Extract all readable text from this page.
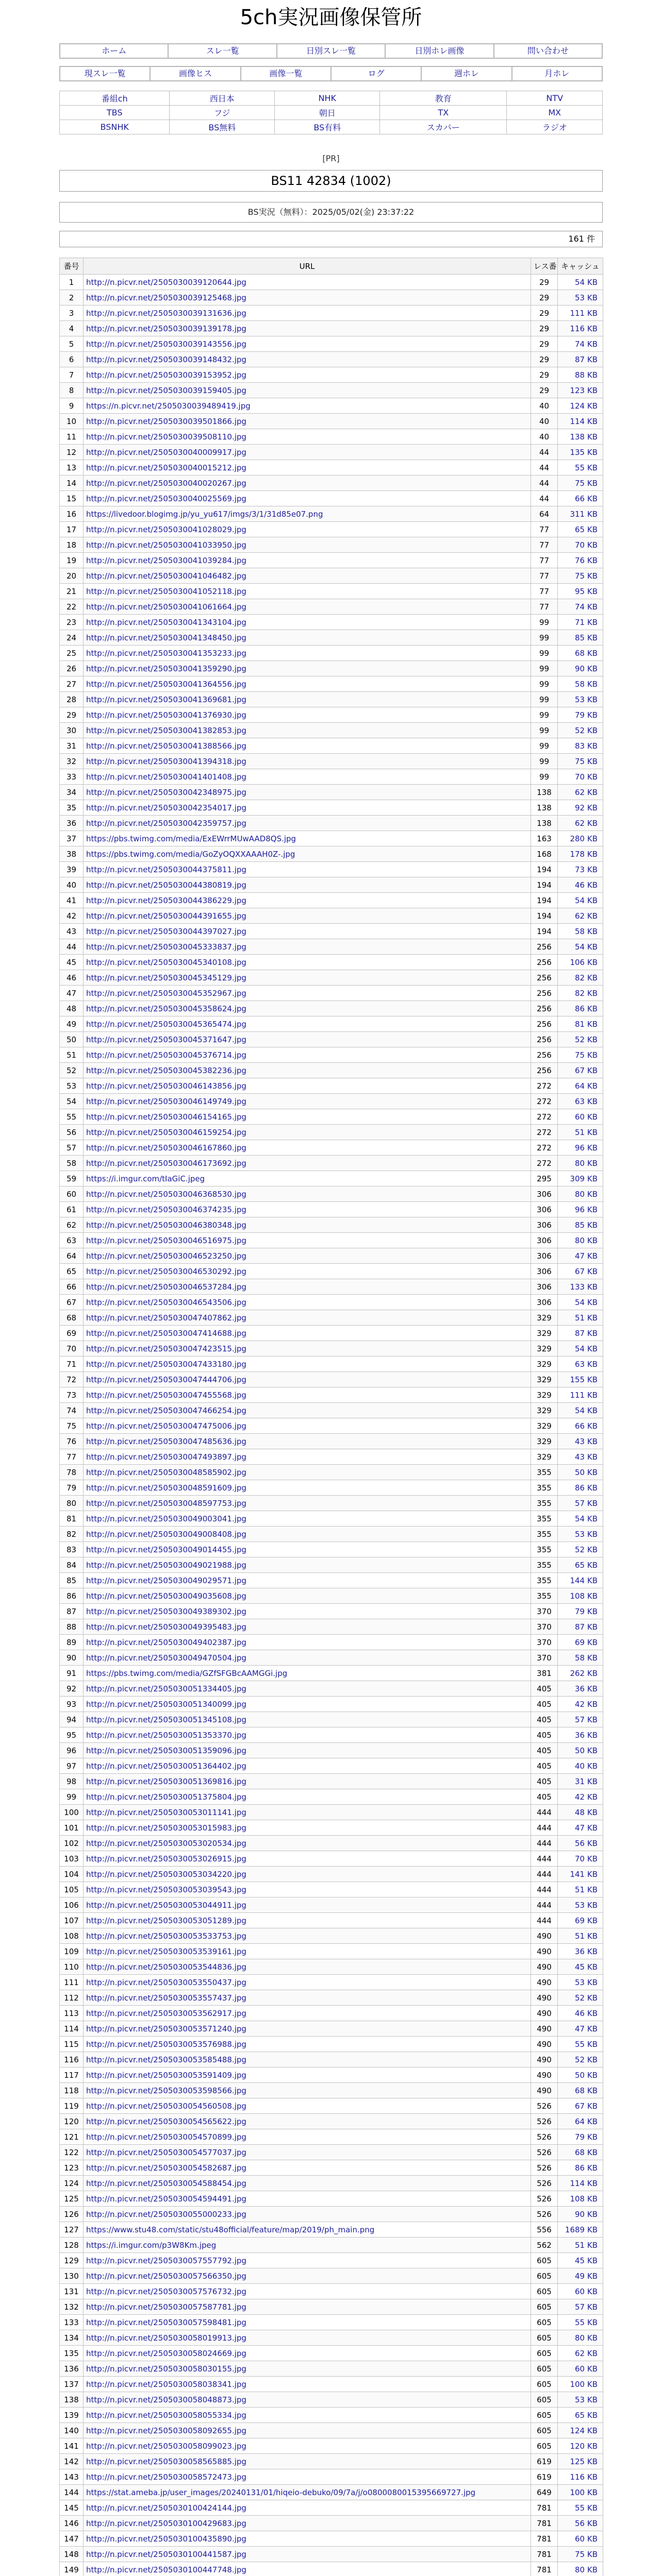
5ch実況画像保管所
ホーム	スレ一覧	日別スレ一覧	日別ホレ画像	問い合わせ
現スレ一覧	画像ヒス	画像一覧	ログ	週ホレ	月ホレ
番組ch	西日本	NHK	教育	NTV
TBS	フジ	朝日	TX	MX
BSNHK	BS無料	BS有料	スカパー	ラジオ
[PR]
BS11 42834 (1002)
BS実況（無料）：2025/05/02(金) 23:37:22
161 件
番号	URL	レス番	キャッシュ
1	http://n.picvr.net/2505030039120644.jpg	29	54 KB
2	http://n.picvr.net/2505030039125468.jpg	29	53 KB
3	http://n.picvr.net/2505030039131636.jpg	29	111 KB
4	http://n.picvr.net/2505030039139178.jpg	29	116 KB
5	http://n.picvr.net/2505030039143556.jpg	29	74 KB
6	http://n.picvr.net/2505030039148432.jpg	29	87 KB
7	http://n.picvr.net/2505030039153952.jpg	29	88 KB
8	http://n.picvr.net/2505030039159405.jpg	29	123 KB
9	https://n.picvr.net/2505030039489419.jpg	40	124 KB
10	http://n.picvr.net/2505030039501866.jpg	40	114 KB
11	http://n.picvr.net/2505030039508110.jpg	40	138 KB
12	http://n.picvr.net/2505030040009917.jpg	44	135 KB
13	http://n.picvr.net/2505030040015212.jpg	44	55 KB
14	http://n.picvr.net/2505030040020267.jpg	44	75 KB
15	http://n.picvr.net/2505030040025569.jpg	44	66 KB
16	https://livedoor.blogimg.jp/yu_yu617/imgs/3/1/31d85e07.png	64	311 KB
17	http://n.picvr.net/2505030041028029.jpg	77	65 KB
18	http://n.picvr.net/2505030041033950.jpg	77	70 KB
19	http://n.picvr.net/2505030041039284.jpg	77	76 KB
20	http://n.picvr.net/2505030041046482.jpg	77	75 KB
21	http://n.picvr.net/2505030041052118.jpg	77	95 KB
22	http://n.picvr.net/2505030041061664.jpg	77	74 KB
23	http://n.picvr.net/2505030041343104.jpg	99	71 KB
24	http://n.picvr.net/2505030041348450.jpg	99	85 KB
25	http://n.picvr.net/2505030041353233.jpg	99	68 KB
26	http://n.picvr.net/2505030041359290.jpg	99	90 KB
27	http://n.picvr.net/2505030041364556.jpg	99	58 KB
28	http://n.picvr.net/2505030041369681.jpg	99	53 KB
29	http://n.picvr.net/2505030041376930.jpg	99	79 KB
30	http://n.picvr.net/2505030041382853.jpg	99	52 KB
31	http://n.picvr.net/2505030041388566.jpg	99	83 KB
32	http://n.picvr.net/2505030041394318.jpg	99	75 KB
33	http://n.picvr.net/2505030041401408.jpg	99	70 KB
34	http://n.picvr.net/2505030042348975.jpg	138	62 KB
35	http://n.picvr.net/2505030042354017.jpg	138	92 KB
36	http://n.picvr.net/2505030042359757.jpg	138	62 KB
37	https://pbs.twimg.com/media/ExEWrrMUwAAD8QS.jpg	163	280 KB
38	https://pbs.twimg.com/media/GoZyOQXXAAAH0Z-.jpg	168	178 KB
39	http://n.picvr.net/2505030044375811.jpg	194	73 KB
40	http://n.picvr.net/2505030044380819.jpg	194	46 KB
41	http://n.picvr.net/2505030044386229.jpg	194	54 KB
42	http://n.picvr.net/2505030044391655.jpg	194	62 KB
43	http://n.picvr.net/2505030044397027.jpg	194	58 KB
44	http://n.picvr.net/2505030045333837.jpg	256	54 KB
45	http://n.picvr.net/2505030045340108.jpg	256	106 KB
46	http://n.picvr.net/2505030045345129.jpg	256	82 KB
47	http://n.picvr.net/2505030045352967.jpg	256	82 KB
48	http://n.picvr.net/2505030045358624.jpg	256	86 KB
49	http://n.picvr.net/2505030045365474.jpg	256	81 KB
50	http://n.picvr.net/2505030045371647.jpg	256	52 KB
51	http://n.picvr.net/2505030045376714.jpg	256	75 KB
52	http://n.picvr.net/2505030045382236.jpg	256	67 KB
53	http://n.picvr.net/2505030046143856.jpg	272	64 KB
54	http://n.picvr.net/2505030046149749.jpg	272	63 KB
55	http://n.picvr.net/2505030046154165.jpg	272	60 KB
56	http://n.picvr.net/2505030046159254.jpg	272	51 KB
57	http://n.picvr.net/2505030046167860.jpg	272	96 KB
58	http://n.picvr.net/2505030046173692.jpg	272	80 KB
59	https://i.imgur.com/tIaGiC.jpeg	295	309 KB
60	http://n.picvr.net/2505030046368530.jpg	306	80 KB
61	http://n.picvr.net/2505030046374235.jpg	306	96 KB
62	http://n.picvr.net/2505030046380348.jpg	306	85 KB
63	http://n.picvr.net/2505030046516975.jpg	306	80 KB
64	http://n.picvr.net/2505030046523250.jpg	306	47 KB
65	http://n.picvr.net/2505030046530292.jpg	306	67 KB
66	http://n.picvr.net/2505030046537284.jpg	306	133 KB
67	http://n.picvr.net/2505030046543506.jpg	306	54 KB
68	http://n.picvr.net/2505030047407862.jpg	329	51 KB
69	http://n.picvr.net/2505030047414688.jpg	329	87 KB
70	http://n.picvr.net/2505030047423515.jpg	329	54 KB
71	http://n.picvr.net/2505030047433180.jpg	329	63 KB
72	http://n.picvr.net/2505030047444706.jpg	329	155 KB
73	http://n.picvr.net/2505030047455568.jpg	329	111 KB
74	http://n.picvr.net/2505030047466254.jpg	329	54 KB
75	http://n.picvr.net/2505030047475006.jpg	329	66 KB
76	http://n.picvr.net/2505030047485636.jpg	329	43 KB
77	http://n.picvr.net/2505030047493897.jpg	329	43 KB
78	http://n.picvr.net/2505030048585902.jpg	355	50 KB
79	http://n.picvr.net/2505030048591609.jpg	355	86 KB
80	http://n.picvr.net/2505030048597753.jpg	355	57 KB
81	http://n.picvr.net/2505030049003041.jpg	355	54 KB
82	http://n.picvr.net/2505030049008408.jpg	355	53 KB
83	http://n.picvr.net/2505030049014455.jpg	355	52 KB
84	http://n.picvr.net/2505030049021988.jpg	355	65 KB
85	http://n.picvr.net/2505030049029571.jpg	355	144 KB
86	http://n.picvr.net/2505030049035608.jpg	355	108 KB
87	http://n.picvr.net/2505030049389302.jpg	370	79 KB
88	http://n.picvr.net/2505030049395483.jpg	370	87 KB
89	http://n.picvr.net/2505030049402387.jpg	370	69 KB
90	http://n.picvr.net/2505030049470504.jpg	370	58 KB
91	https://pbs.twimg.com/media/GZfSFGBcAAMGGi.jpg	381	262 KB
92	http://n.picvr.net/2505030051334405.jpg	405	36 KB
93	http://n.picvr.net/2505030051340099.jpg	405	42 KB
94	http://n.picvr.net/2505030051345108.jpg	405	57 KB
95	http://n.picvr.net/2505030051353370.jpg	405	36 KB
96	http://n.picvr.net/2505030051359096.jpg	405	50 KB
97	http://n.picvr.net/2505030051364402.jpg	405	40 KB
98	http://n.picvr.net/2505030051369816.jpg	405	31 KB
99	http://n.picvr.net/2505030051375804.jpg	405	42 KB
100	http://n.picvr.net/2505030053011141.jpg	444	48 KB
101	http://n.picvr.net/2505030053015983.jpg	444	47 KB
102	http://n.picvr.net/2505030053020534.jpg	444	56 KB
103	http://n.picvr.net/2505030053026915.jpg	444	70 KB
104	http://n.picvr.net/2505030053034220.jpg	444	141 KB
105	http://n.picvr.net/2505030053039543.jpg	444	51 KB
106	http://n.picvr.net/2505030053044911.jpg	444	53 KB
107	http://n.picvr.net/2505030053051289.jpg	444	69 KB
108	http://n.picvr.net/2505030053533753.jpg	490	51 KB
109	http://n.picvr.net/2505030053539161.jpg	490	36 KB
110	http://n.picvr.net/2505030053544836.jpg	490	45 KB
111	http://n.picvr.net/2505030053550437.jpg	490	53 KB
112	http://n.picvr.net/2505030053557437.jpg	490	52 KB
113	http://n.picvr.net/2505030053562917.jpg	490	46 KB
114	http://n.picvr.net/2505030053571240.jpg	490	47 KB
115	http://n.picvr.net/2505030053576988.jpg	490	55 KB
116	http://n.picvr.net/2505030053585488.jpg	490	52 KB
117	http://n.picvr.net/2505030053591409.jpg	490	50 KB
118	http://n.picvr.net/2505030053598566.jpg	490	68 KB
119	http://n.picvr.net/2505030054560508.jpg	526	67 KB
120	http://n.picvr.net/2505030054565622.jpg	526	64 KB
121	http://n.picvr.net/2505030054570899.jpg	526	79 KB
122	http://n.picvr.net/2505030054577037.jpg	526	68 KB
123	http://n.picvr.net/2505030054582687.jpg	526	86 KB
124	http://n.picvr.net/2505030054588454.jpg	526	114 KB
125	http://n.picvr.net/2505030054594491.jpg	526	108 KB
126	http://n.picvr.net/2505030055000233.jpg	526	90 KB
127	https://www.stu48.com/static/stu48official/feature/map/2019/ph_main.png	556	1689 KB
128	https://i.imgur.com/p3W8Km.jpeg	562	51 KB
129	http://n.picvr.net/2505030057557792.jpg	605	45 KB
130	http://n.picvr.net/2505030057566350.jpg	605	49 KB
131	http://n.picvr.net/2505030057576732.jpg	605	60 KB
132	http://n.picvr.net/2505030057587781.jpg	605	57 KB
133	http://n.picvr.net/2505030057598481.jpg	605	55 KB
134	http://n.picvr.net/2505030058019913.jpg	605	80 KB
135	http://n.picvr.net/2505030058024669.jpg	605	62 KB
136	http://n.picvr.net/2505030058030155.jpg	605	60 KB
137	http://n.picvr.net/2505030058038341.jpg	605	100 KB
138	http://n.picvr.net/2505030058048873.jpg	605	53 KB
139	http://n.picvr.net/2505030058055334.jpg	605	65 KB
140	http://n.picvr.net/2505030058092655.jpg	605	124 KB
141	http://n.picvr.net/2505030058099023.jpg	605	120 KB
142	http://n.picvr.net/2505030058565885.jpg	619	125 KB
143	http://n.picvr.net/2505030058572473.jpg	619	116 KB
144	https://stat.ameba.jp/user_images/20240131/01/hiqeio-debuko/09/7a/j/o0800080015395669727.jpg	649	100 KB
145	http://n.picvr.net/2505030100424144.jpg	781	55 KB
146	http://n.picvr.net/2505030100429683.jpg	781	56 KB
147	http://n.picvr.net/2505030100435890.jpg	781	60 KB
148	http://n.picvr.net/2505030100441587.jpg	781	75 KB
149	http://n.picvr.net/2505030100447748.jpg	781	80 KB
